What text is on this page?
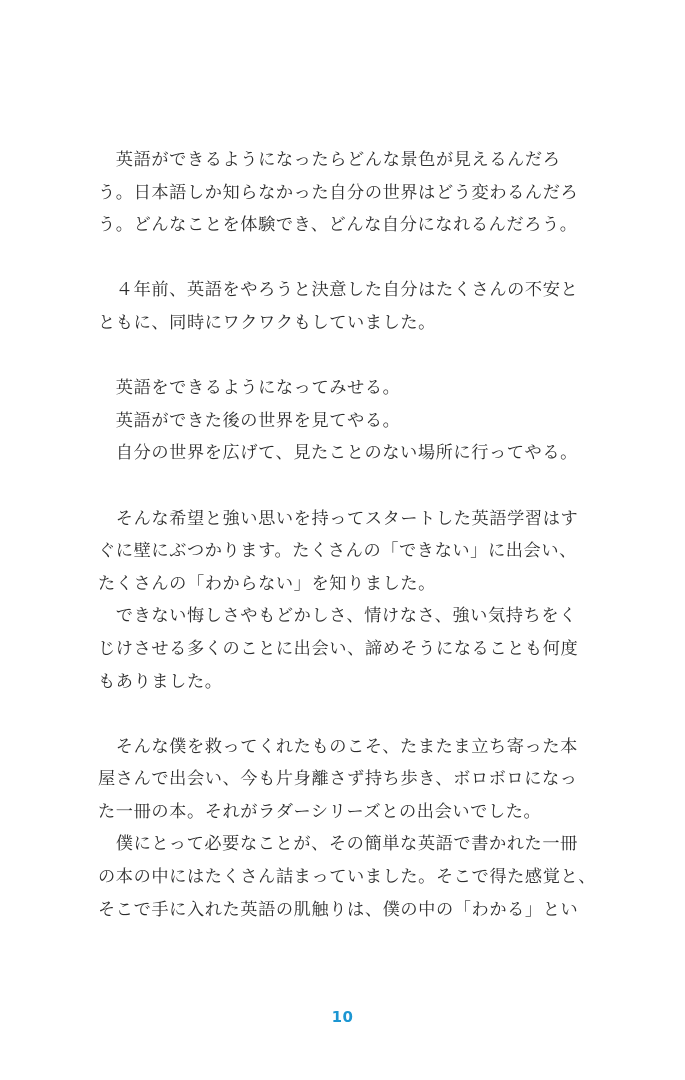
　英語ができるようになったらどんな景色が見えるんだろ
う。日本語しか知らなかった自分の世界はどう変わるんだろ
う。どんなことを体験でき、どんな自分になれるんだろう。
　４年前、英語をやろうと決意した自分はたくさんの不安と
ともに、同時にワクワクもしていました。
　英語をできるようになってみせる。
　英語ができた後の世界を見てやる。
　自分の世界を広げて、見たことのない場所に行ってやる。
　そんな希望と強い思いを持ってスタートした英語学習はす
ぐに壁にぶつかります。たくさんの「できない」に出会い、
たくさんの「わからない」を知りました。
　できない悔しさやもどかしさ、情けなさ、強い気持ちをく
じけさせる多くのことに出会い、諦めそうになることも何度
もありました。
　そんな僕を救ってくれたものこそ、たまたま立ち寄った本
屋さんで出会い、今も片身離さず持ち歩き、ボロボロになっ
た一冊の本。それがラダーシリーズとの出会いでした。
　僕にとって必要なことが、その簡単な英語で書かれた一冊
の本の中にはたくさん詰まっていました。そこで得た感覚と、
そこで手に入れた英語の肌触りは、僕の中の「わかる」とい
10
